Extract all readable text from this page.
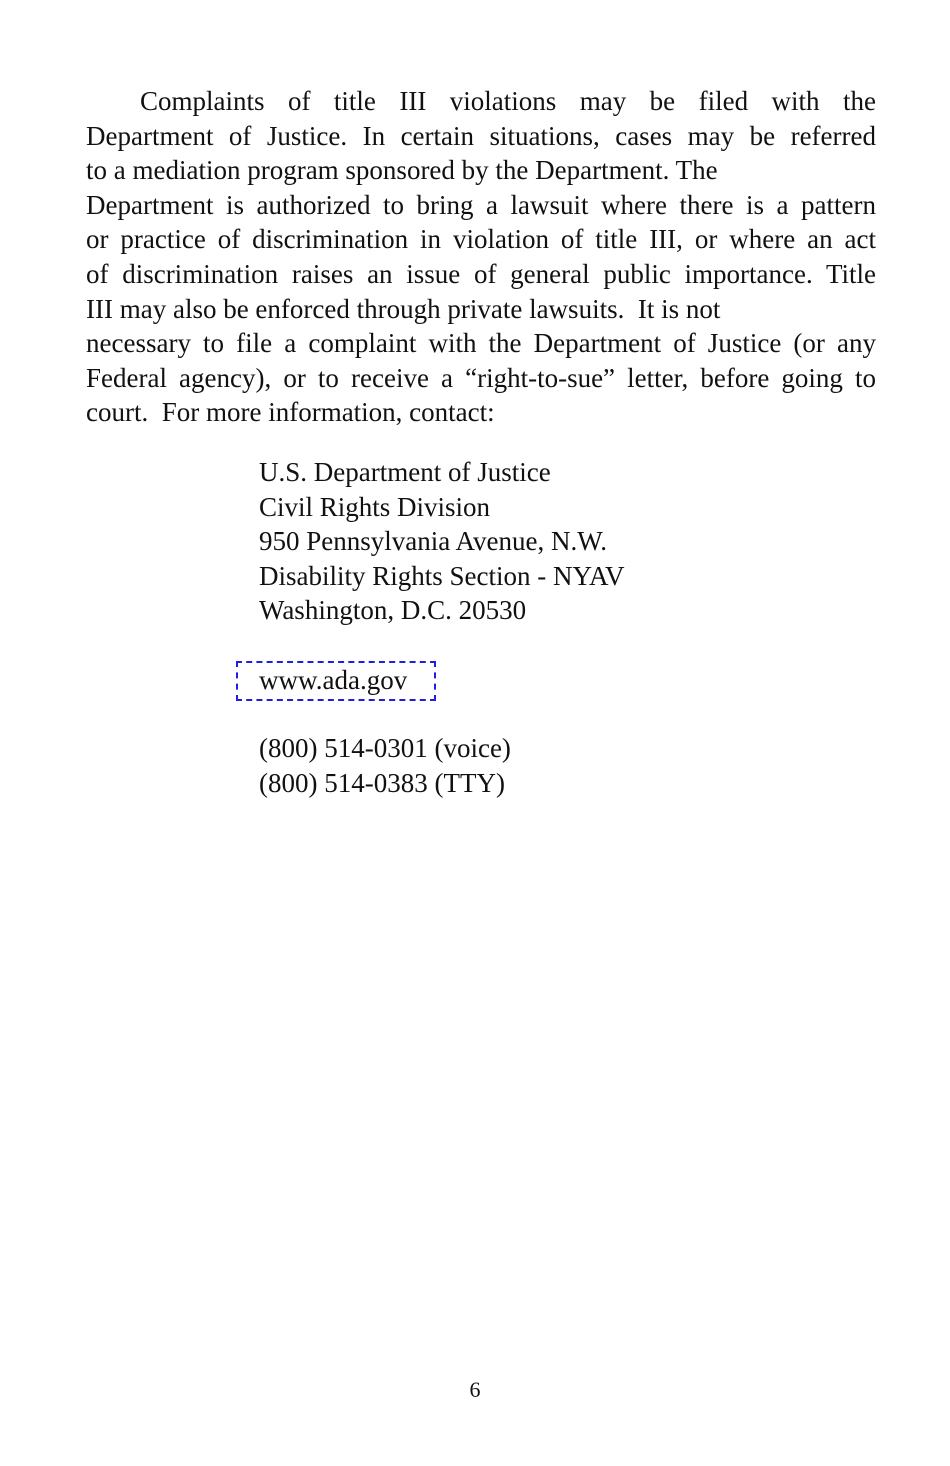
Complaints of title III violations may be filed with the
Department of Justice. In certain situations, cases may be referred
to a mediation program sponsored by the Department. The
Department is authorized to bring a lawsuit where there is a pattern
or practice of discrimination in violation of title III, or where an act
of discrimination raises an issue of general public importance. Title
III may also be enforced through private lawsuits.  It is not
necessary to file a complaint with the Department of Justice (or any
Federal agency), or to receive a “right-to-sue” letter, before going to
court.  For more information, contact:

U.S. Department of Justice
Civil Rights Division
950 Pennsylvania Avenue, N.W.
Disability Rights Section - NYAV
Washington, D.C. 20530
www.ada.gov
(800) 514-0301 (voice)
(800) 514-0383 (TTY)
6
